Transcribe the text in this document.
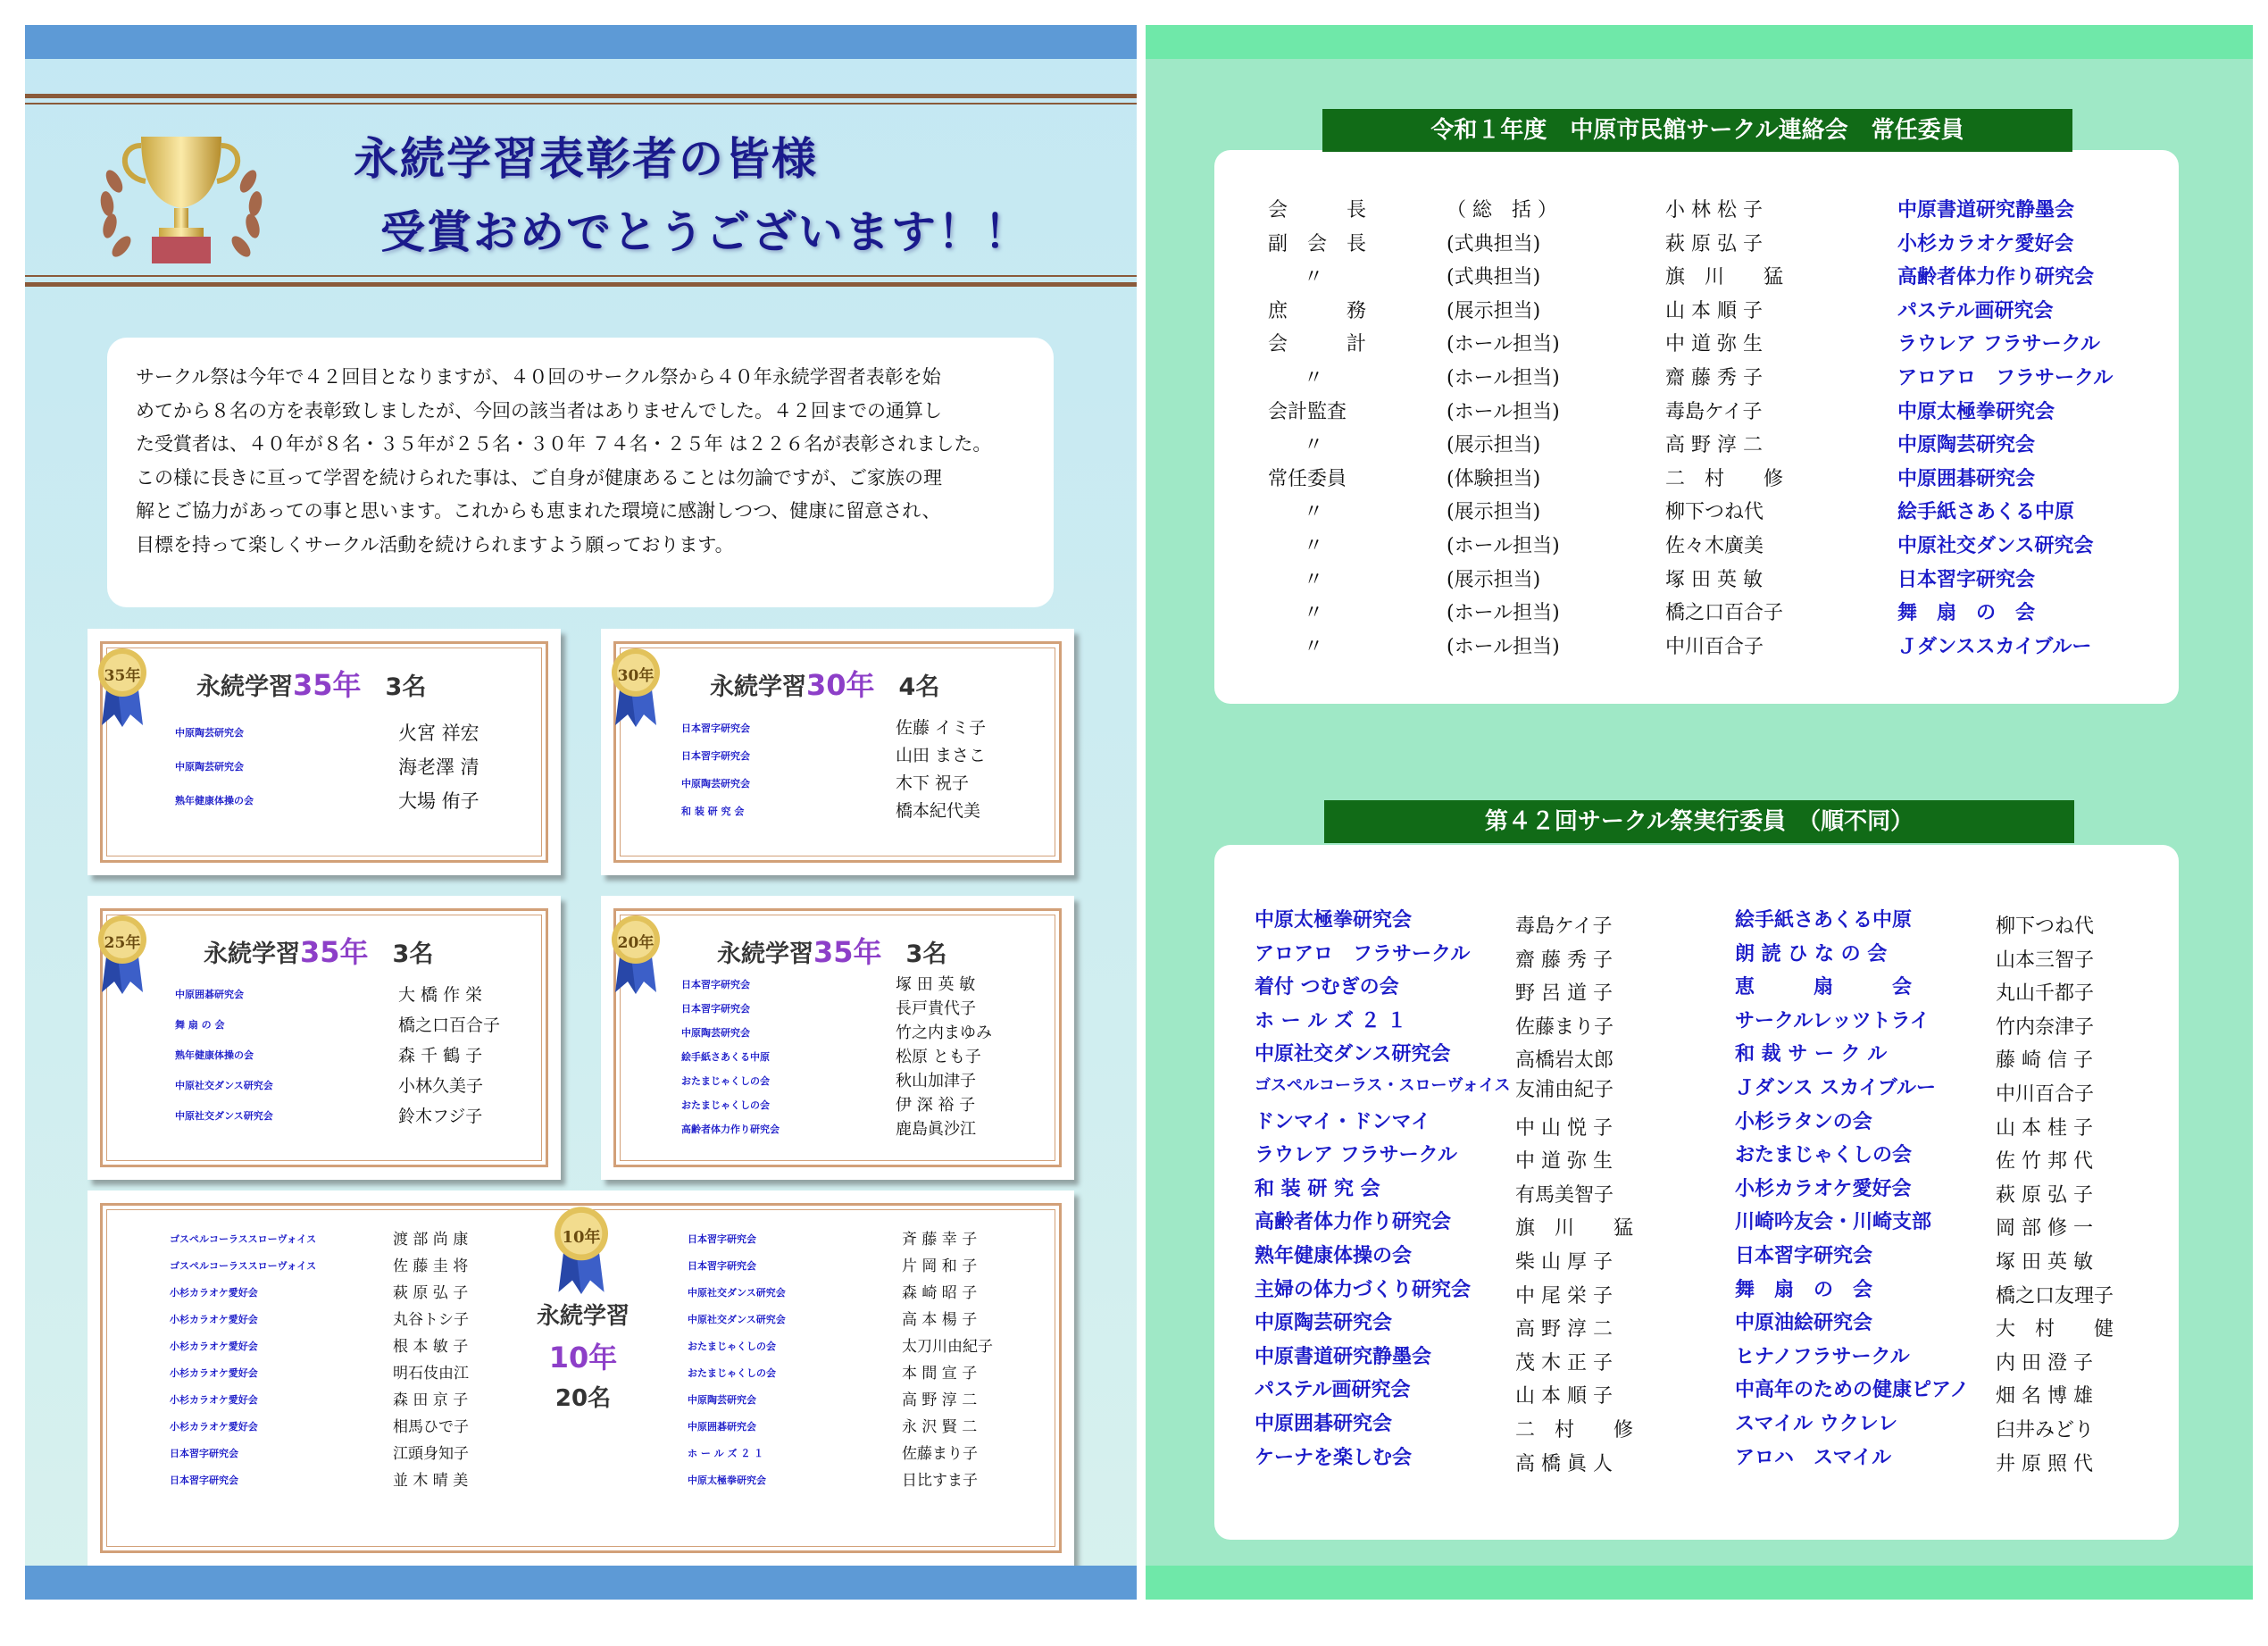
永続学習表彰者の皆様
受賞おめでとうございます！！

サークル祭は今年で４２回目となりますが、４０回のサークル祭から４０年永続学習者表彰を始

めてから８名の方を表彰致しましたが、今回の該当者はありませんでした。４２回までの通算し

た受賞者は、４０年が８名・３５年が２５名・３０年 ７４名・２５年 は２２６名が表彰されました。

この様に長きに亘って学習を続けられた事は、ご自身が健康あることは勿論ですが、ご家族の理

解とご協力があっての事と思います。これからも恵まれた環境に感謝しつつ、健康に留意され、

目標を持って楽しくサークル活動を続けられますよう願っております。

35年 永続学習35年　 3名
中原陶芸研究会	火宮 祥宏
中原陶芸研究会	海老澤 清
熟年健康体操の会	大場 侑子
30年 永続学習30年　 4名
日本習字研究会	佐藤 イミ子
日本習字研究会	山田 まさこ
中原陶芸研究会	木下 祝子
和 装 研 究 会	橋本紀代美
25年	永続学習35年　 3名
中原囲碁研究会	大 橋 作 栄
舞 扇 の 会	橋之口百合子
熟年健康体操の会	森 千 鶴 子
中原社交ダンス研究会	小林久美子
中原社交ダンス研究会	鈴木フジ子
20年	永続学習35年　 3名
日本習字研究会	塚 田 英 敏
日本習字研究会	長戸貴代子
中原陶芸研究会	竹之内まゆみ
絵手紙さあくる中原	松原 とも子
おたまじゃくしの会	秋山加津子
おたまじゃくしの会	伊 深 裕 子
高齢者体力作り研究会	鹿島眞沙江
ゴスペルコーラススローヴォイス	渡 部 尚 康
ゴスペルコーラススローヴォイス	佐 藤 圭 将
小杉カラオケ愛好会	萩 原 弘 子
小杉カラオケ愛好会	丸谷トシ子
小杉カラオケ愛好会	根 本 敏 子
小杉カラオケ愛好会	明石伎由江
小杉カラオケ愛好会	森 田 京 子
小杉カラオケ愛好会	相馬ひで子
日本習字研究会	江頭身知子
日本習字研究会	並 木 晴 美
10年
永続学習
10年
20名
日本習字研究会	斉 藤 幸 子
日本習字研究会	片 岡 和 子
中原社交ダンス研究会	森 崎 昭 子
中原社交ダンス研究会	高 本 楊 子
おたまじゃくしの会	太刀川由紀子
おたまじゃくしの会	本 間 宣 子
中原陶芸研究会	高 野 淳 二
中原囲碁研究会	永 沢 賢 二
ホ ー ル ズ ２ １	佐藤まり子
中原太極拳研究会	日比すま子
令和１年度　中原市民館サークル連絡会　常任委員
会　　　長	（ 総　括 ）	小 林 松 子	中原書道研究静墨会
副　会　長	(式典担当)	萩 原 弘 子	小杉カラオケ愛好会
〃	(式典担当)	旗　川　　猛	高齢者体力作り研究会
庶　　　務	(展示担当)	山 本 順 子	パステル画研究会
会　　　計	(ホール担当)	中 道 弥 生	ラウレア フラサークル
〃	(ホール担当)	齋 藤 秀 子	アロアロ　フラサークル
会計監査	(ホール担当)	毒島ケイ子	中原太極拳研究会
〃	(展示担当)	高 野 淳 二	中原陶芸研究会
常任委員	(体験担当)	二　村　　修	中原囲碁研究会
〃	(展示担当)	柳下つね代	絵手紙さあくる中原
〃	(ホール担当)	佐々木廣美	中原社交ダンス研究会
〃	(展示担当)	塚 田 英 敏	日本習字研究会
〃	(ホール担当)	橋之口百合子	舞　扇　の　会
〃	(ホール担当)	中川百合子	Ｊダンススカイブルー
第４２回サークル祭実行委員　（順不同）
中原太極拳研究会	毒島ケイ子
アロアロ　フラサークル 齋 藤 秀 子
着付 つむぎの会	野 呂 道 子
ホ ー ル ズ ２ １	佐藤まり子
中原社交ダンス研究会	高橋岩太郎
ゴスペルコーラス・スローヴォイス 友浦由紀子
ドンマイ・ドンマイ	中 山 悦 子
ラウレア フラサークル	中 道 弥 生
和 装 研 究 会	有馬美智子
高齢者体力作り研究会	旗　川　　猛
熟年健康体操の会	柴 山 厚 子
主婦の体力づくり研究会 中 尾 栄 子
中原陶芸研究会	高 野 淳 二
中原書道研究静墨会	茂 木 正 子
パステル画研究会	山 本 順 子
中原囲碁研究会	二　村　　修
ケーナを楽しむ会	高 橋 眞 人
絵手紙さあくる中原	柳下つね代
朗 読 ひ な の 会	山本三智子
恵　　　扇　　　会	丸山千都子
サークルレッツトライ	竹内奈津子
和 裁 サ ー ク ル	藤 崎 信 子
Ｊダンス スカイブルー	中川百合子
小杉ラタンの会	山 本 桂 子
おたまじゃくしの会	佐 竹 邦 代
小杉カラオケ愛好会	萩 原 弘 子
川崎吟友会・川崎支部	岡 部 修 一
日本習字研究会	塚 田 英 敏
舞　扇　の　会	橋之口友理子
中原油絵研究会	大　村　　健
ヒナノフラサークル	内 田 澄 子
中高年のための健康ピアノ 畑 名 博 雄
スマイル ウクレレ	臼井みどり
アロハ　スマイル	井 原 照 代
